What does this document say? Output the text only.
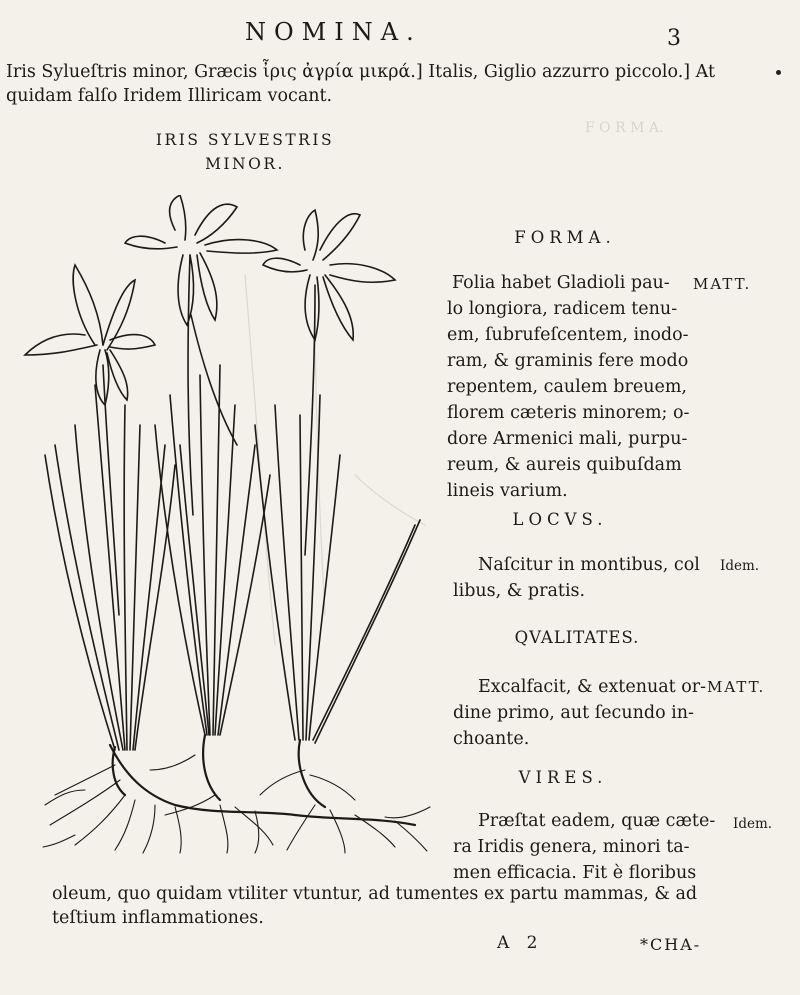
F O R M A.
NOMINA.	3
Iris Sylueſtris minor, Græcis ἶρις ἀγρία μικρά.] Italis, Giglio azzurro piccolo.] At
quidam falſo Iridem Illiricam vocant.
IRIS SYLVESTRIS
MINOR.
FORMA.
MATT.
Folia habet Gladioli pau-
lo longiora, radicem tenu-
em, ſubrufeſcentem, inodo-
ram, & graminis fere modo
repentem, caulem breuem,
florem cæteris minorem; o-
dore Armenici mali, purpu-
reum, & aureis quibuſdam
lineis varium.
LOCVS.
Naſcitur in montibus, col Idem.
libus, & pratis.
QVALITATES.
Excalfacit, & extenuat or- MATT.
dine primo, aut ſecundo in-
choante.
VIRES.
Præſtat eadem, quæ cæte- Idem.
ra Iridis genera, minori ta-
men efficacia. Fit è floribus
oleum, quo quidam vtiliter vtuntur, ad tumentes ex partu mammas, & ad
teſtium inflammationes.
A 2	*CHA-
